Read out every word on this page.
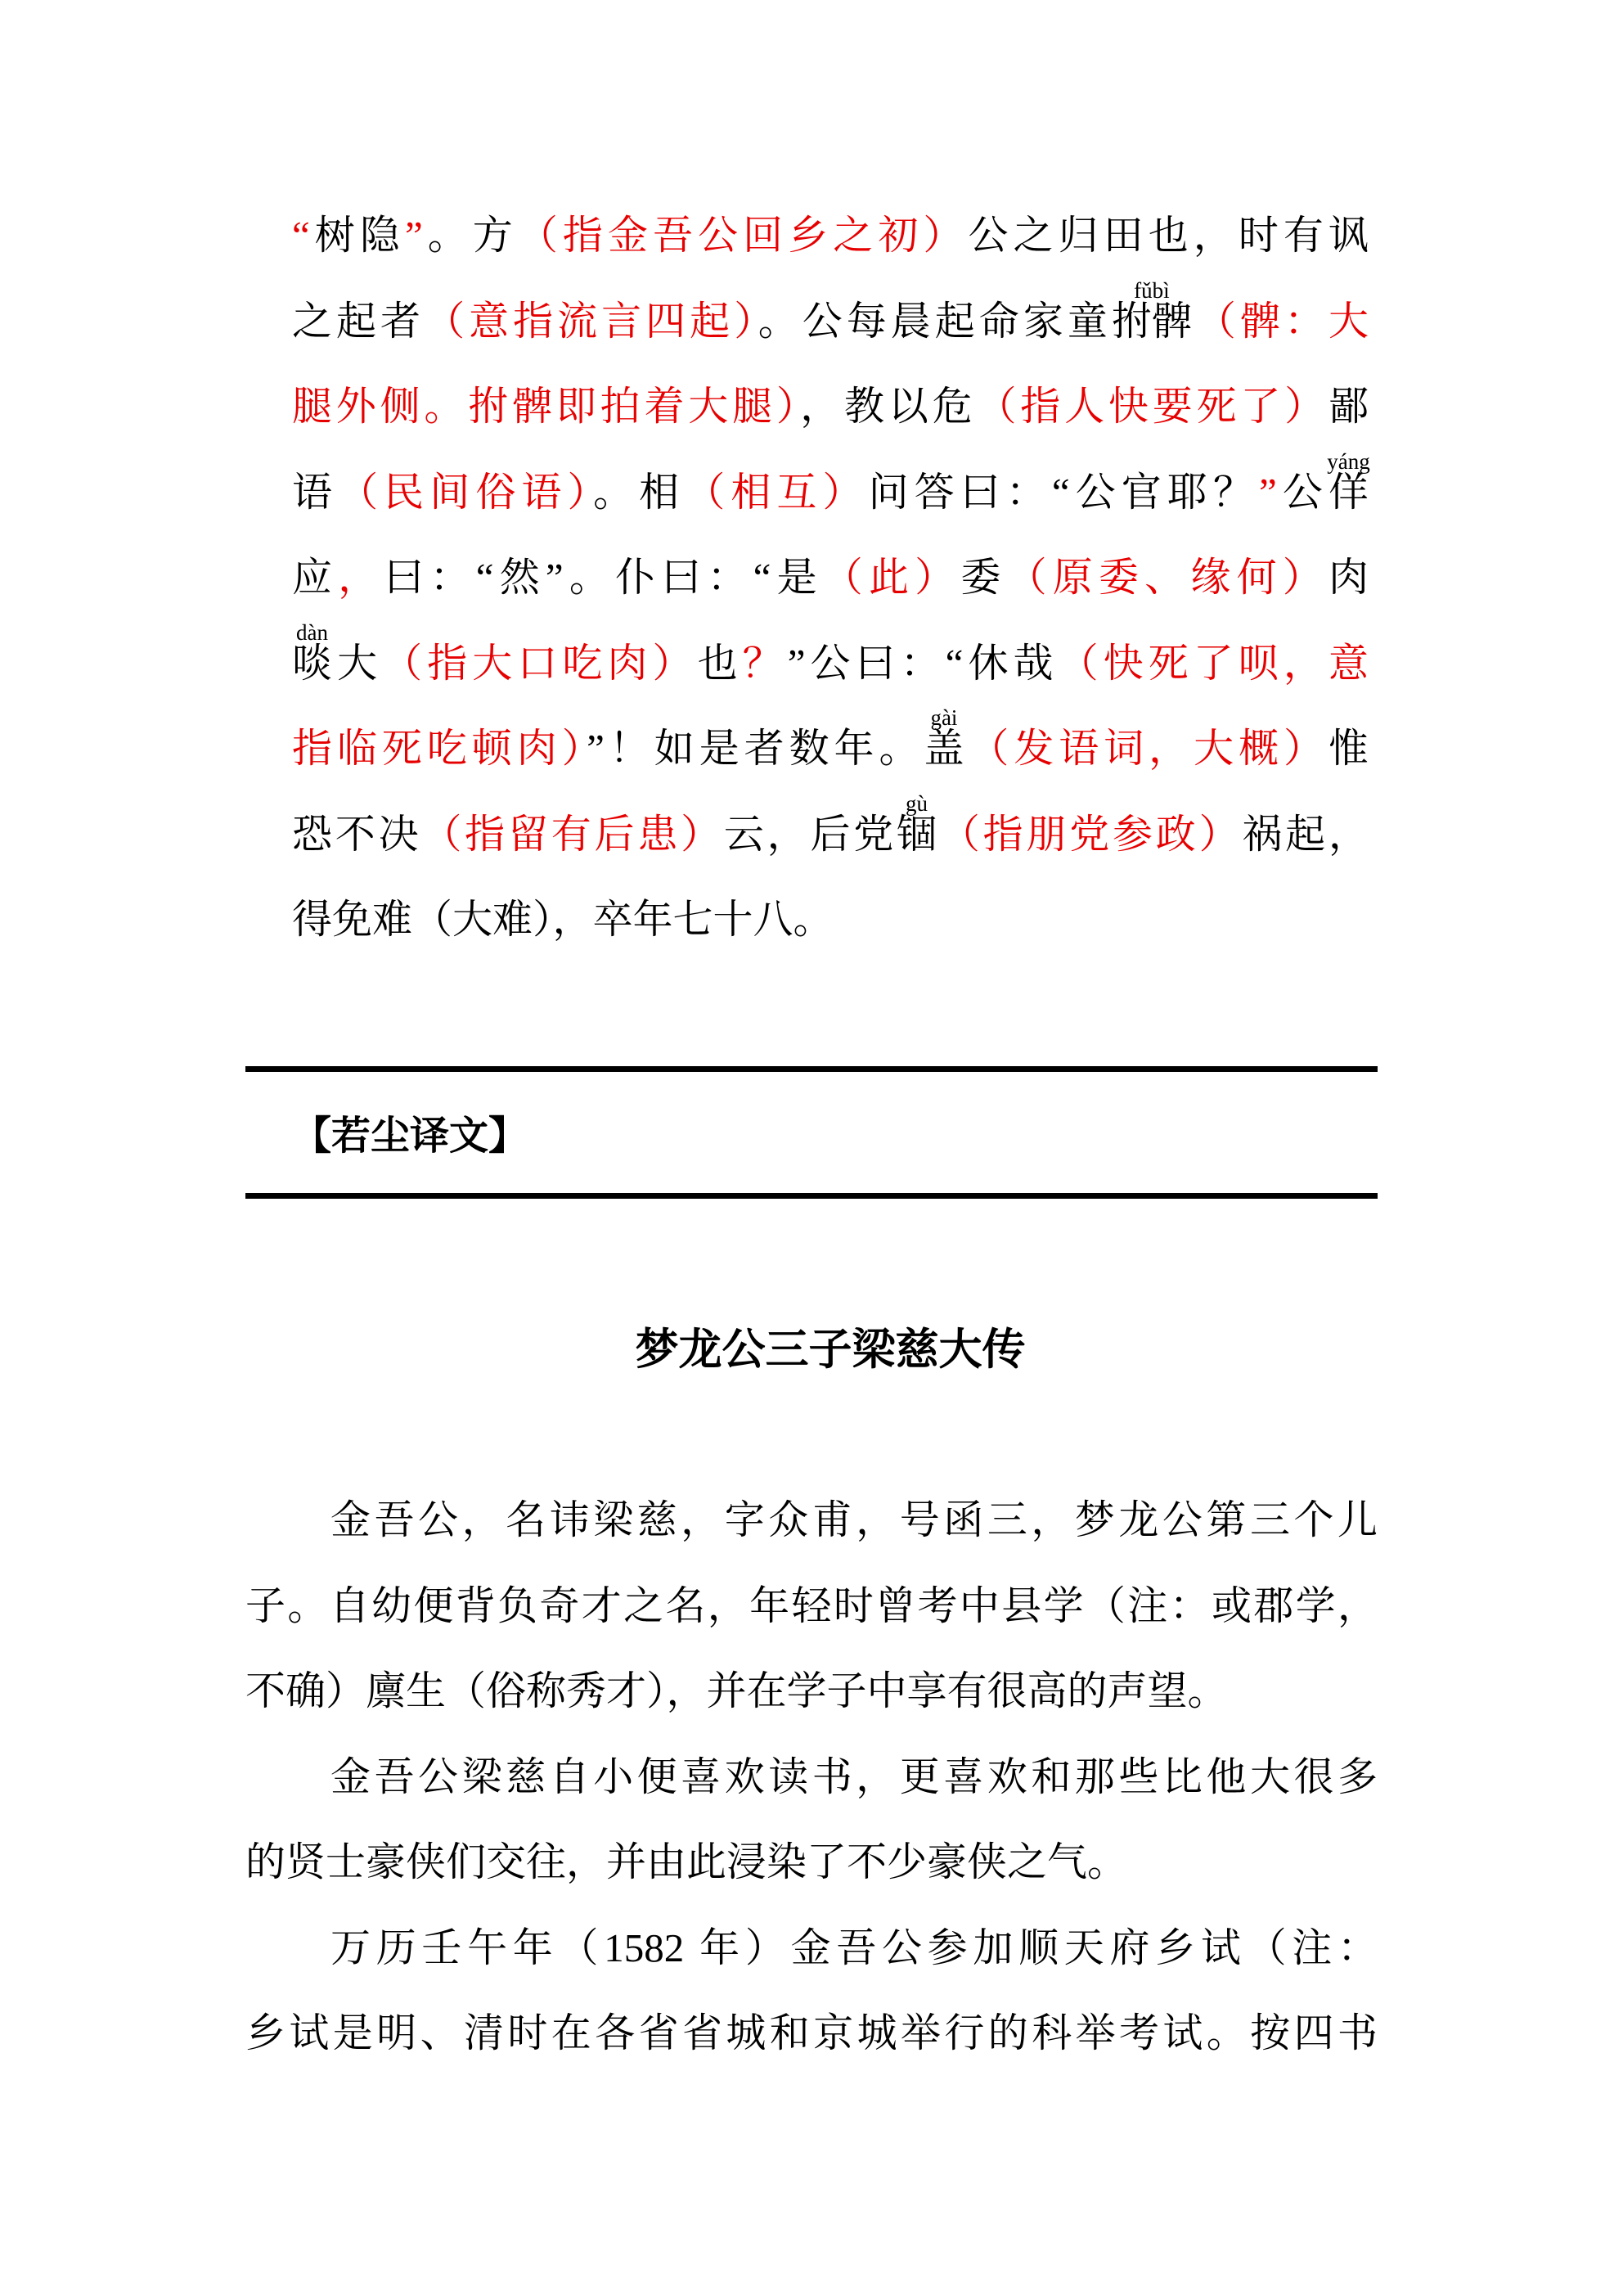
“树隐”。方（指金吾公回乡之初）公之归田也，时有讽
之起者（意指流言四起）。公每晨起命家童
fǔbì
拊髀（髀：大
腿外侧。拊髀即拍着大腿），教以危（指人快要死了）鄙
语（民间俗语）。相（相互）问答曰：“公官耶？”公
yáng
佯
应，曰：“然”。仆曰：“是（此）委（原委、缘何）肉
dàn
啖大（指大口吃肉）也？”公曰：“休哉（快死了呗，意
指临死吃顿肉）”！如是者数年。
gài
盖（发语词，大概）惟
恐不决（指留有后患）云，后党
gù
锢（指朋党参政）祸起，
得免难（大难），卒年七十八。
【若尘译文】
梦龙公三子梁慈大传
金吾公，名讳梁慈，字众甫，号函三，梦龙公第三个儿
子。自幼便背负奇才之名，年轻时曾考中县学（注：或郡学，
不确）廪生（俗称秀才），并在学子中享有很高的声望。
金吾公梁慈自小便喜欢读书，更喜欢和那些比他大很多
的贤士豪侠们交往，并由此浸染了不少豪侠之气。
万历壬午年（1582 年）金吾公参加顺天府乡试（注：
乡试是明、清时在各省省城和京城举行的科举考试。按四书
